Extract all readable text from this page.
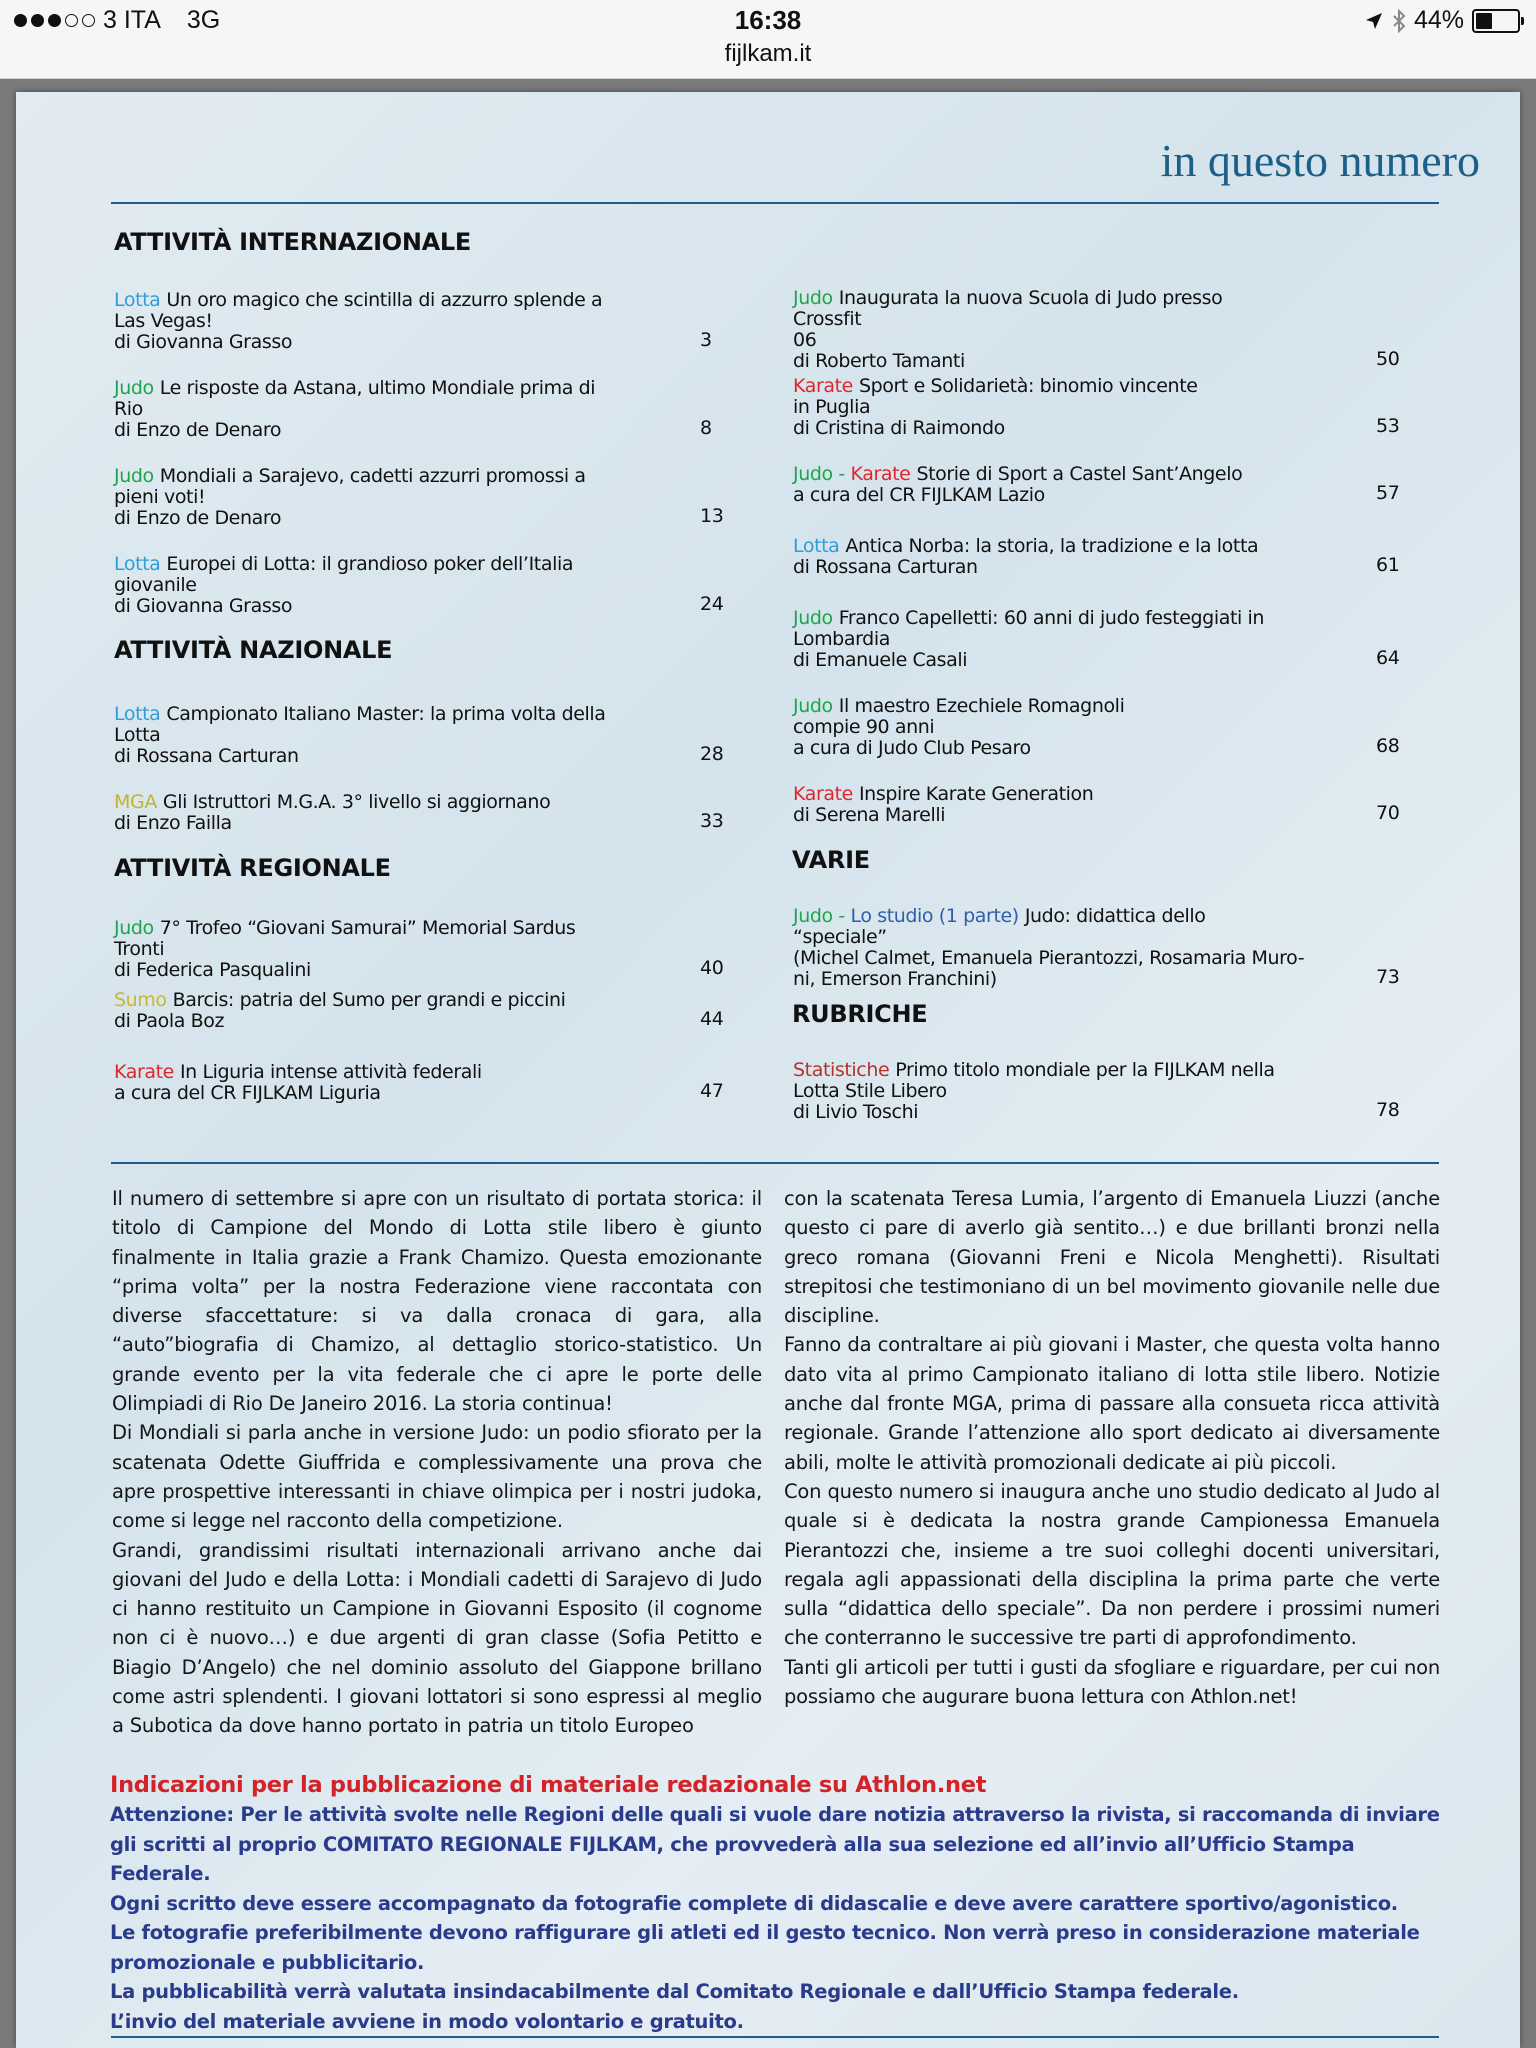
3 ITA 3G	16:38
fijlkam.it
44%
in questo numero
ATTIVITÀ INTERNAZIONALE
ATTIVITÀ NAZIONALE
ATTIVITÀ REGIONALE	VARIE
RUBRICHE
Lotta Un oro magico che scintilla di azzurro splende a
Las Vegas!
di Giovanna Grasso	3
Judo Le risposte da Astana, ultimo Mondiale prima di
Rio
di Enzo de Denaro	8
Judo Mondiali a Sarajevo, cadetti azzurri promossi a
pieni voti!
di Enzo de Denaro	13
Lotta Europei di Lotta: il grandioso poker dell’Italia
giovanile
di Giovanna Grasso	24
Lotta Campionato Italiano Master: la prima volta della
Lotta
di Rossana Carturan	28
MGA Gli Istruttori M.G.A. 3° livello si aggiornano
di Enzo Failla	33
Judo 7° Trofeo “Giovani Samurai” Memorial Sardus Tronti
di Federica Pasqualini	40
Sumo Barcis: patria del Sumo per grandi e piccini
di Paola Boz	44
Karate In Liguria intense attività federali
a cura del CR FIJLKAM Liguria	47
Judo Inaugurata la nuova Scuola di Judo presso Crossfit
06
di Roberto Tamanti	50
Karate Sport e Solidarietà: binomio vincente
in Puglia
di Cristina di Raimondo	53
Judo - Karate Storie di Sport a Castel Sant’Angelo
a cura del CR FIJLKAM Lazio	57
Lotta Antica Norba: la storia, la tradizione e la lotta
di Rossana Carturan	61
Judo Franco Capelletti: 60 anni di judo festeggiati in
Lombardia
di Emanuele Casali	64
Judo Il maestro Ezechiele Romagnoli
compie 90 anni
a cura di Judo Club Pesaro	68
Karate Inspire Karate Generation
di Serena Marelli	70
Judo - Lo studio (1 parte) Judo: didattica dello “speciale”
(Michel Calmet, Emanuela Pierantozzi, Rosamaria Muro-
ni, Emerson Franchini)	73
Statistiche Primo titolo mondiale per la FIJLKAM nella
Lotta Stile Libero
di Livio Toschi	78

Il numero di settembre si apre con un risultato di portata storica: il titolo di Campione del Mondo di Lotta stile libero è giunto finalmente in Italia grazie a Frank Chamizo. Questa emozionante “prima volta” per la nostra Federazione viene raccontata con diverse sfaccettature: si va dalla cronaca di gara, alla “auto”biografia di Chamizo, al dettaglio storico-statistico. Un grande evento per la vita federale che ci apre le porte delle Olimpiadi di Rio De Janeiro 2016. La storia continua!

Di Mondiali si parla anche in versione Judo: un podio sfiorato per la scatenata Odette Giuffrida e complessivamente una prova che apre prospettive interessanti in chiave olimpica per i nostri judoka, come si legge nel racconto della competizione.

Grandi, grandissimi risultati internazionali arrivano anche dai giovani del Judo e della Lotta: i Mondiali cadetti di Sarajevo di Judo ci hanno restituito un Campione in Giovanni Esposito (il cognome non ci è nuovo…) e due argenti di gran classe (Sofia Petitto e Biagio D’Angelo) che nel dominio assoluto del Giappone brillano come astri splendenti. I giovani lottatori si sono espressi al meglio a Subotica da dove hanno portato in patria un titolo Europeo

con la scatenata Teresa Lumia, l’argento di Emanuela Liuzzi (anche questo ci pare di averlo già sentito…) e due brillanti bronzi nella greco romana (Giovanni Freni e Nicola Menghetti). Risultati strepitosi che testimoniano di un bel movimento giovanile nelle due discipline.

Fanno da contraltare ai più giovani i Master, che questa volta hanno dato vita al primo Campionato italiano di lotta stile libero. Notizie anche dal fronte MGA, prima di passare alla consueta ricca attività regionale. Grande l’attenzione allo sport dedicato ai diversamente abili, molte le attività promozionali dedicate ai più piccoli.

Con questo numero si inaugura anche uno studio dedicato al Judo al quale si è dedicata la nostra grande Campionessa Emanuela Pierantozzi che, insieme a tre suoi colleghi docenti universitari, regala agli appassionati della disciplina la prima parte che verte sulla “didattica dello speciale”. Da non perdere i prossimi numeri che conterranno le successive tre parti di approfondimento.

Tanti gli articoli per tutti i gusti da sfogliare e riguardare, per cui non possiamo che augurare buona lettura con Athlon.net!

Indicazioni per la pubblicazione di materiale redazionale su Athlon.net

Attenzione: Per le attività svolte nelle Regioni delle quali si vuole dare notizia attraverso la rivista, si raccomanda di inviare gli scritti al proprio COMITATO REGIONALE FIJLKAM, che provvederà alla sua selezione ed all’invio all’Ufficio Stampa Federale.

Ogni scritto deve essere accompagnato da fotografie complete di didascalie e deve avere carattere sportivo/agonistico.

Le fotografie preferibilmente devono raffigurare gli atleti ed il gesto tecnico. Non verrà preso in considerazione materiale promozionale e pubblicitario.

La pubblicabilità verrà valutata insindacabilmente dal Comitato Regionale e dall’Ufficio Stampa federale.

L’invio del materiale avviene in modo volontario e gratuito.
